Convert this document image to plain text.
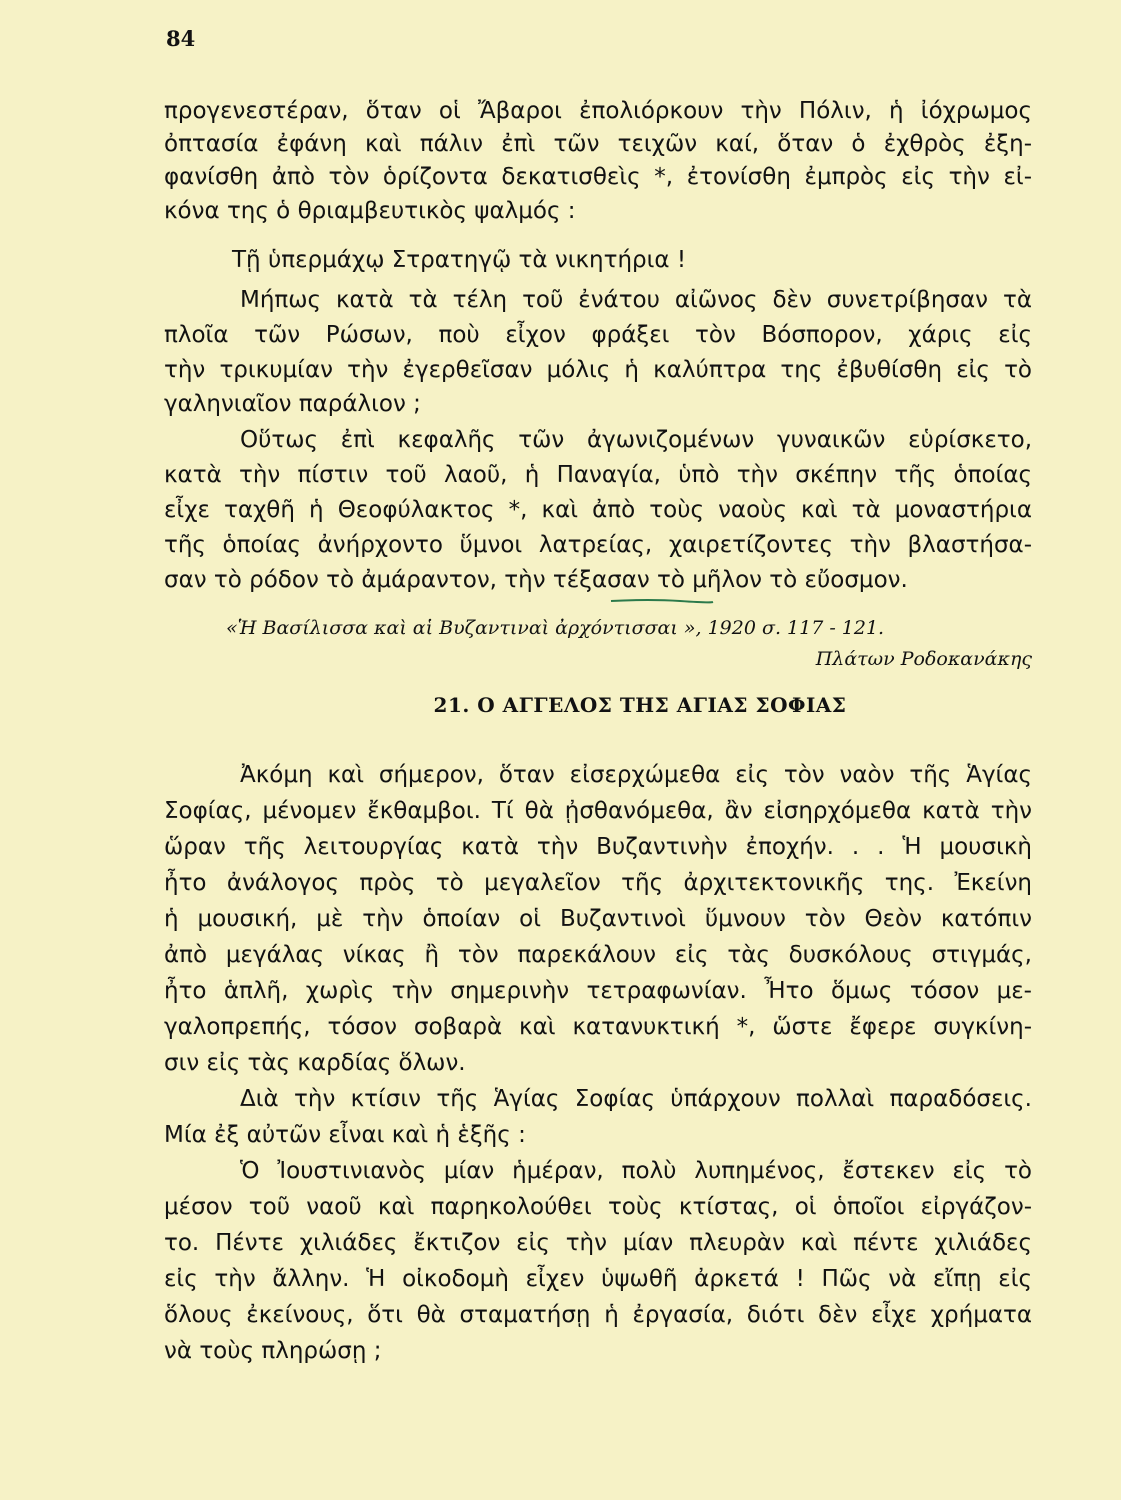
84
προγενεστέραν, ὅταν οἱ Ἄβαροι ἐπολιόρκουν τὴν Πόλιν, ἡ ἰόχρωμος
ὀπτασία ἐφάνη καὶ πάλιν ἐπὶ τῶν τειχῶν καί, ὅταν ὁ ἐχθρὸς ἐξη-
φανίσθη ἀπὸ τὸν ὁρίζοντα δεκατισθεὶς *, ἐτονίσθη ἐμπρὸς εἰς τὴν εἰ-
κόνα της ὁ θριαμβευτικὸς ψαλμός :
Τῇ ὑπερμάχῳ Στρατηγῷ τὰ νικητήρια !
Μήπως κατὰ τὰ τέλη τοῦ ἐνάτου αἰῶνος δὲν συνετρίβησαν τὰ
πλοῖα τῶν Ρώσων, ποὺ εἶχον φράξει τὸν Βόσπορον, χάρις εἰς
τὴν τρικυμίαν τὴν ἐγερθεῖσαν μόλις ἡ καλύπτρα της ἐβυθίσθη εἰς τὸ
γαληνιαῖον παράλιον ;
Οὕτως ἐπὶ κεφαλῆς τῶν ἀγωνιζομένων γυναικῶν εὑρίσκετο,
κατὰ τὴν πίστιν τοῦ λαοῦ, ἡ Παναγία, ὑπὸ τὴν σκέπην τῆς ὁποίας
εἶχε ταχθῆ ἡ Θεοφύλακτος *, καὶ ἀπὸ τοὺς ναοὺς καὶ τὰ μοναστήρια
τῆς ὁποίας ἀνήρχοντο ὕμνοι λατρείας, χαιρετίζοντες τὴν βλαστήσα-
σαν τὸ ρόδον τὸ ἀμάραντον, τὴν τέξασαν τὸ μῆλον τὸ εὔοσμον.
«Ἡ Βασίλισσα καὶ αἱ Βυζαντιναὶ ἀρχόντισσαι », 1920 σ. 117 - 121.
Πλάτων Ροδοκανάκης
21. Ο ΑΓΓΕΛΟΣ ΤΗΣ ΑΓΙΑΣ ΣΟΦΙΑΣ
Ἀκόμη καὶ σήμερον, ὅταν εἰσερχώμεθα εἰς τὸν ναὸν τῆς Ἁγίας
Σοφίας, μένομεν ἔκθαμβοι. Τί θὰ ᾐσθανόμεθα, ἂν εἰσηρχόμεθα κατὰ τὴν
ὥραν τῆς λειτουργίας κατὰ τὴν Βυζαντινὴν ἐποχήν. . . Ἡ μουσικὴ
ἦτο ἀνάλογος πρὸς τὸ μεγαλεῖον τῆς ἀρχιτεκτονικῆς της. Ἐκείνη
ἡ μουσική, μὲ τὴν ὁποίαν οἱ Βυζαντινοὶ ὕμνουν τὸν Θεὸν κατόπιν
ἀπὸ μεγάλας νίκας ἢ τὸν παρεκάλουν εἰς τὰς δυσκόλους στιγμάς,
ἦτο ἁπλῆ, χωρὶς τὴν σημερινὴν τετραφωνίαν. Ἦτο ὅμως τόσον με-
γαλοπρεπής, τόσον σοβαρὰ καὶ κατανυκτική *, ὥστε ἔφερε συγκίνη-
σιν εἰς τὰς καρδίας ὅλων.
Διὰ τὴν κτίσιν τῆς Ἁγίας Σοφίας ὑπάρχουν πολλαὶ παραδόσεις.
Μία ἐξ αὐτῶν εἶναι καὶ ἡ ἑξῆς :
Ὁ Ἰουστινιανὸς μίαν ἡμέραν, πολὺ λυπημένος, ἔστεκεν εἰς τὸ
μέσον τοῦ ναοῦ καὶ παρηκολούθει τοὺς κτίστας, οἱ ὁποῖοι εἰργάζον-
το. Πέντε χιλιάδες ἔκτιζον εἰς τὴν μίαν πλευρὰν καὶ πέντε χιλιάδες
εἰς τὴν ἄλλην. Ἡ οἰκοδομὴ εἶχεν ὑψωθῆ ἀρκετά ! Πῶς νὰ εἴπῃ εἰς
ὅλους ἐκείνους, ὅτι θὰ σταματήσῃ ἡ ἐργασία, διότι δὲν εἶχε χρήματα
νὰ τοὺς πληρώσῃ ;
